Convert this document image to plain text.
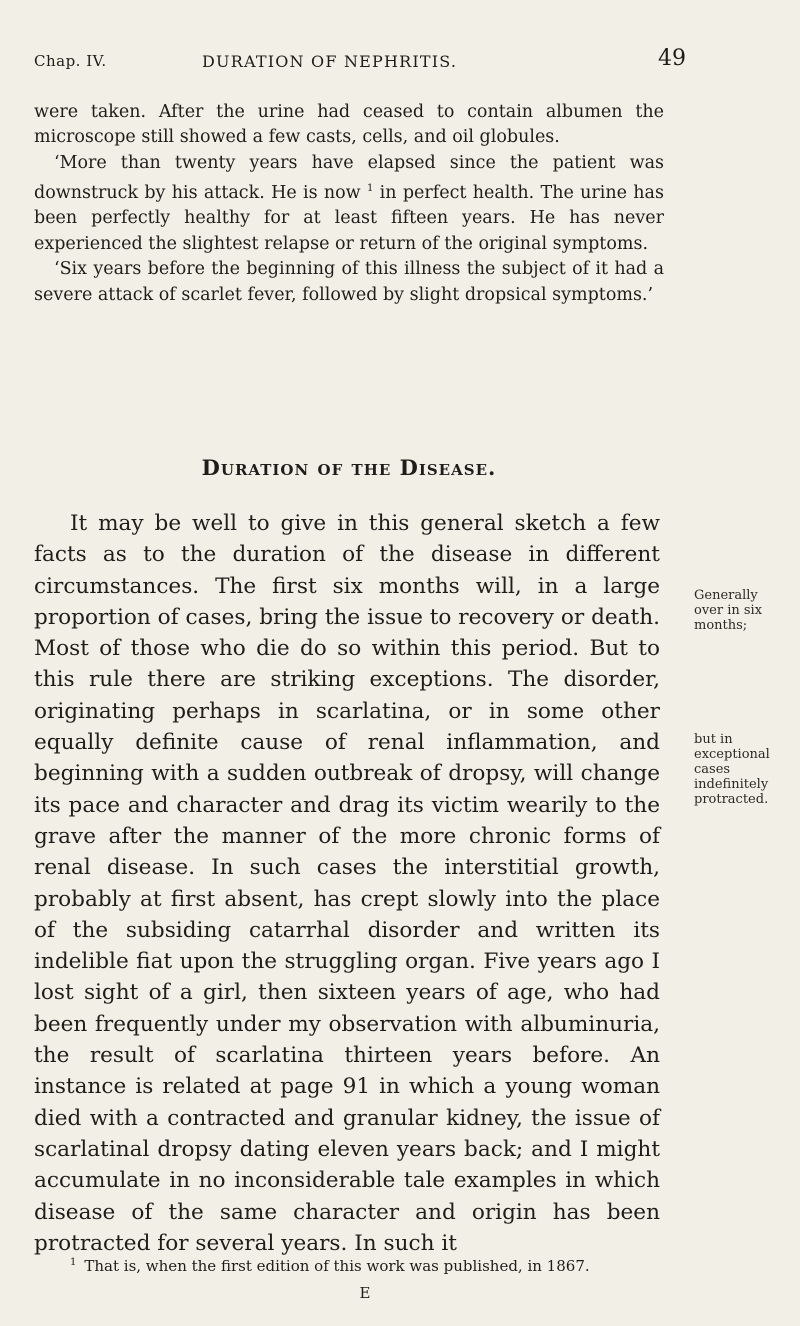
Chap. IV.	DURATION OF NEPHRITIS.	49

were taken. After the urine had ceased to contain albumen the microscope still showed a few casts, cells, and oil globules.

‘More than twenty years have elapsed since the patient was downstruck by his attack. He is now $^1$ in perfect health. The urine has been perfectly healthy for at least fifteen years. He has never experienced the slightest relapse or return of the original symptoms.

‘Six years before the beginning of this illness the subject of it had a severe attack of scarlet fever, followed by slight dropsical symptoms.’

Duration of the Disease.

It may be well to give in this general sketch a few facts as to the duration of the disease in different circumstances. The first six months will, in a large proportion of cases, bring the issue to recovery or death. Most of those who die do so within this period. But to this rule there are striking exceptions. The disorder, originating perhaps in scarlatina, or in some other equally definite cause of renal inflammation, and beginning with a sudden outbreak of dropsy, will change its pace and character and drag its victim wearily to the grave after the manner of the more chronic forms of renal disease. In such cases the interstitial growth, probably at first absent, has crept slowly into the place of the subsiding catarrhal disorder and written its indelible fiat upon the struggling organ. Five years ago I lost sight of a girl, then sixteen years of age, who had been frequently under my observation with albuminuria, the result of scarlatina thirteen years before. An instance is related at page 91 in which a young woman died with a contracted and granular kidney, the issue of scarlatinal dropsy dating eleven years back; and I might accumulate in no inconsiderable tale examples in which disease of the same character and origin has been protracted for several years. In such it

Generally over in six months;
but in exceptional cases indefinitely protracted.
$^1$ That is, when the first edition of this work was published, in 1867.
E
